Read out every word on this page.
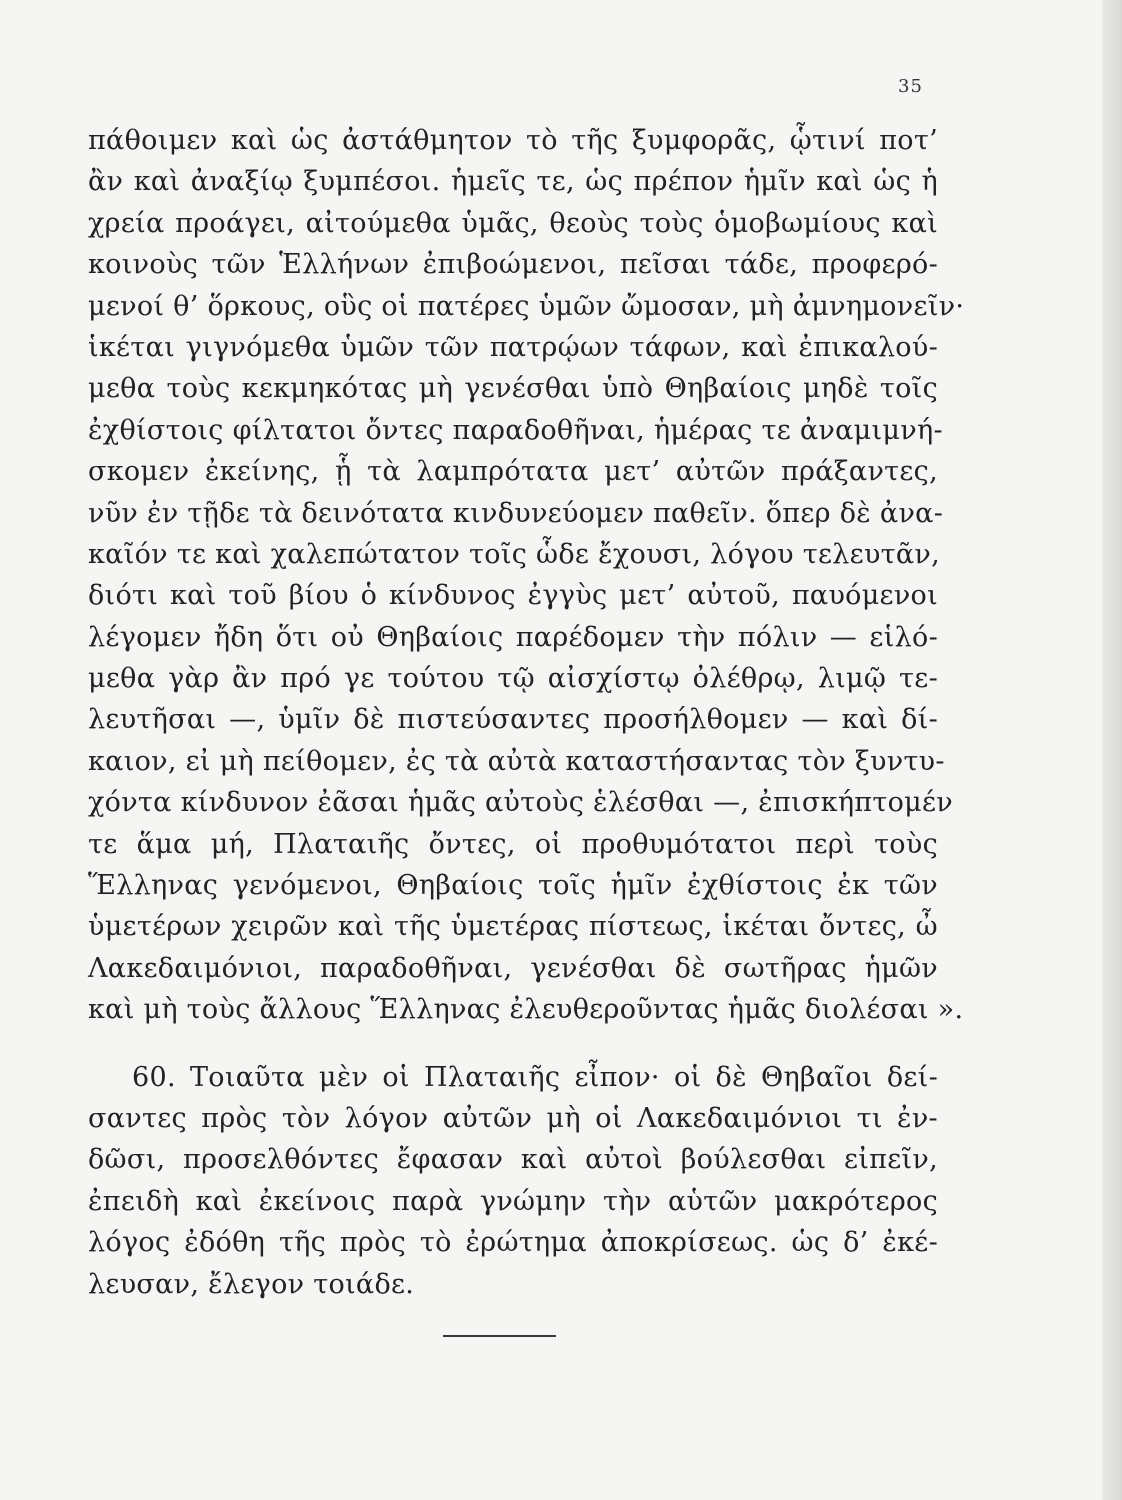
35
πάθοιμεν καὶ ὡς ἀστάθμητον τὸ τῆς ξυμφορᾶς, ᾧτινί ποτ’
ἂν καὶ ἀναξίῳ ξυμπέσοι. ἡμεῖς τε, ὡς πρέπον ἡμῖν καὶ ὡς ἡ
χρεία προάγει, αἰτούμεθα ὑμᾶς, θεοὺς τοὺς ὁμοβωμίους καὶ
κοινοὺς τῶν Ἑλλήνων ἐπιβοώμενοι, πεῖσαι τάδε, προφερό-
μενοί θ’ ὅρκους, οὓς οἱ πατέρες ὑμῶν ὤμοσαν, μὴ ἀμνημονεῖν·
ἱκέται γιγνόμεθα ὑμῶν τῶν πατρῴων τάφων, καὶ ἐπικαλού-
μεθα τοὺς κεκμηκότας μὴ γενέσθαι ὑπὸ Θηβαίοις μηδὲ τοῖς
ἐχθίστοις φίλτατοι ὄντες παραδοθῆναι, ἡμέρας τε ἀναμιμνή-
σκομεν ἐκείνης, ᾗ τὰ λαμπρότατα μετ’ αὐτῶν πράξαντες,
νῦν ἐν τῇδε τὰ δεινότατα κινδυνεύομεν παθεῖν. ὅπερ δὲ ἀνα-
καῖόν τε καὶ χαλεπώτατον τοῖς ὧδε ἔχουσι, λόγου τελευτᾶν,
διότι καὶ τοῦ βίου ὁ κίνδυνος ἐγγὺς μετ’ αὐτοῦ, παυόμενοι
λέγομεν ἤδη ὅτι οὐ Θηβαίοις παρέδομεν τὴν πόλιν — εἱλό-
μεθα γὰρ ἂν πρό γε τούτου τῷ αἰσχίστῳ ὀλέθρῳ, λιμῷ τε-
λευτῆσαι —, ὑμῖν δὲ πιστεύσαντες προσήλθομεν — καὶ δί-
καιον, εἰ μὴ πείθομεν, ἐς τὰ αὐτὰ καταστήσαντας τὸν ξυντυ-
χόντα κίνδυνον ἐᾶσαι ἡμᾶς αὐτοὺς ἑλέσθαι —, ἐπισκήπτομέν
τε ἅμα μή, Πλαταιῆς ὄντες, οἱ προθυμότατοι περὶ τοὺς
Ἕλληνας γενόμενοι, Θηβαίοις τοῖς ἡμῖν ἐχθίστοις ἐκ τῶν
ὑμετέρων χειρῶν καὶ τῆς ὑμετέρας πίστεως, ἱκέται ὄντες, ὦ
Λακεδαιμόνιοι, παραδοθῆναι, γενέσθαι δὲ σωτῆρας ἡμῶν
καὶ μὴ τοὺς ἄλλους Ἕλληνας ἐλευθεροῦντας ἡμᾶς διολέσαι ».
60. Τοιαῦτα μὲν οἱ Πλαταιῆς εἶπον· οἱ δὲ Θηβαῖοι δεί-
σαντες πρὸς τὸν λόγον αὐτῶν μὴ οἱ Λακεδαιμόνιοι τι ἐν-
δῶσι, προσελθόντες ἔφασαν καὶ αὐτοὶ βούλεσθαι εἰπεῖν,
ἐπειδὴ καὶ ἐκείνοις παρὰ γνώμην τὴν αὑτῶν μακρότερος
λόγος ἐδόθη τῆς πρὸς τὸ ἐρώτημα ἀποκρίσεως. ὡς δ’ ἐκέ-
λευσαν, ἔλεγον τοιάδε.
